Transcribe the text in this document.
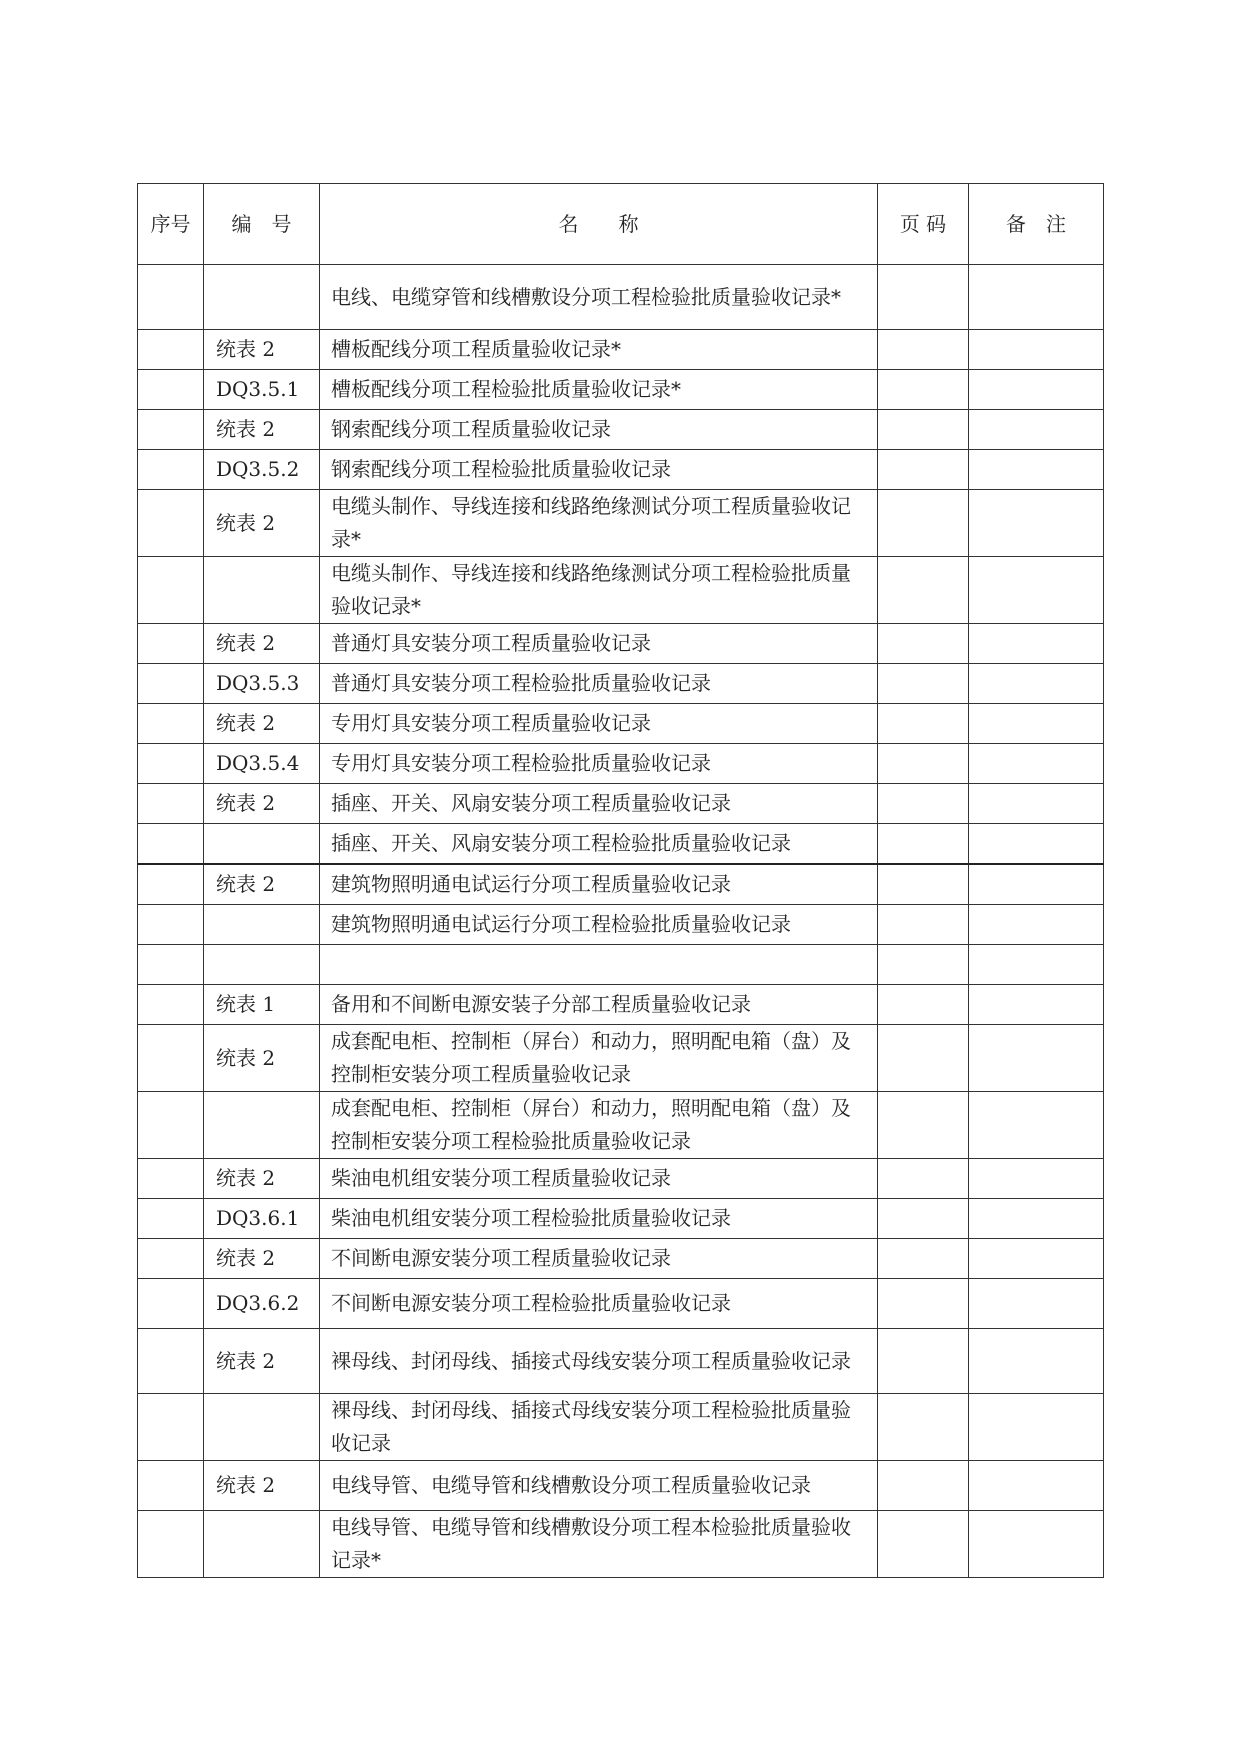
序号	编　号	名　　称	页 码	备　注
		电线、电缆穿管和线槽敷设分项工程检验批质量验收记录*		
	统表 2	槽板配线分项工程质量验收记录*		
	DQ3.5.1	槽板配线分项工程检验批质量验收记录*		
	统表 2	钢索配线分项工程质量验收记录		
	DQ3.5.2	钢索配线分项工程检验批质量验收记录		
	统表 2	电缆头制作、导线连接和线路绝缘测试分项工程质量验收记录*		
		电缆头制作、导线连接和线路绝缘测试分项工程检验批质量验收记录*		
	统表 2	普通灯具安装分项工程质量验收记录		
	DQ3.5.3	普通灯具安装分项工程检验批质量验收记录		
	统表 2	专用灯具安装分项工程质量验收记录		
	DQ3.5.4	专用灯具安装分项工程检验批质量验收记录		
	统表 2	插座、开关、风扇安装分项工程质量验收记录		
		插座、开关、风扇安装分项工程检验批质量验收记录		
	统表 2	建筑物照明通电试运行分项工程质量验收记录		
		建筑物照明通电试运行分项工程检验批质量验收记录		

	统表 1	备用和不间断电源安装子分部工程质量验收记录		
	统表 2	成套配电柜、控制柜（屏台）和动力，照明配电箱（盘）及控制柜安装分项工程质量验收记录		
		成套配电柜、控制柜（屏台）和动力，照明配电箱（盘）及控制柜安装分项工程检验批质量验收记录		
	统表 2	柴油电机组安装分项工程质量验收记录		
	DQ3.6.1	柴油电机组安装分项工程检验批质量验收记录		
	统表 2	不间断电源安装分项工程质量验收记录		
	DQ3.6.2	不间断电源安装分项工程检验批质量验收记录		
	统表 2	裸母线、封闭母线、插接式母线安装分项工程质量验收记录		
		裸母线、封闭母线、插接式母线安装分项工程检验批质量验收记录		
	统表 2	电线导管、电缆导管和线槽敷设分项工程质量验收记录		
		电线导管、电缆导管和线槽敷设分项工程本检验批质量验收记录*		
